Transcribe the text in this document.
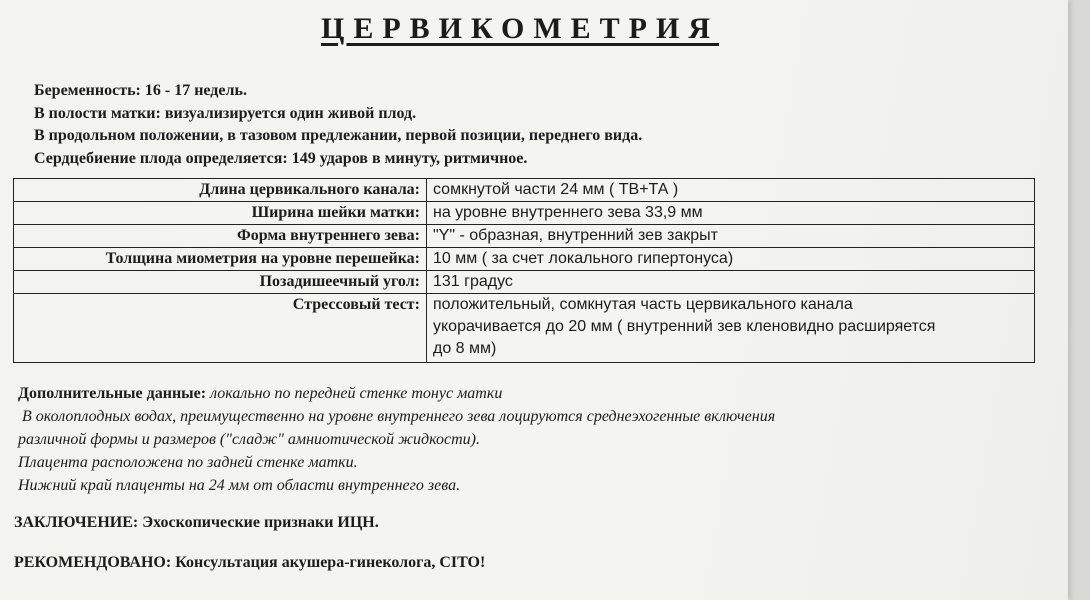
ЦЕРВИКОМЕТРИЯ
Беременность: 16 - 17 недель.
В полости матки: визуализируется один живой плод.
В продольном положении, в тазовом предлежании, первой позиции, переднего вида.
Сердцебиение плода определяется: 149 ударов в минуту, ритмичное.
Длина цервикального канала:	сомкнутой части 24 мм ( ТВ+ТА )
Ширина шейки матки:	на уровне внутреннего зева 33,9 мм
Форма внутреннего зева:	"Y" - образная, внутренний зев закрыт
Толщина миометрия на уровне перешейка:	10 мм ( за счет локального гипертонуса)
Позадишеечный угол:	131 градус
Стрессовый тест:	положительный, сомкнутая часть цервикального канала
укорачивается до 20 мм ( внутренний зев кленовидно расширяется
до 8 мм)
Дополнительные данные: локально по передней стенке тонус матки
В околоплодных водах, преимущественно на уровне внутреннего зева лоцируются среднеэхогенные включения
различной формы и размеров ("сладж" амниотической жидкости).
Плацента расположена по задней стенке матки.
Нижний край плаценты на 24 мм от области внутреннего зева.
ЗАКЛЮЧЕНИЕ: Эхоскопические признаки ИЦН.
РЕКОМЕНДОВАНО: Консультация акушера-гинеколога, CITO!
